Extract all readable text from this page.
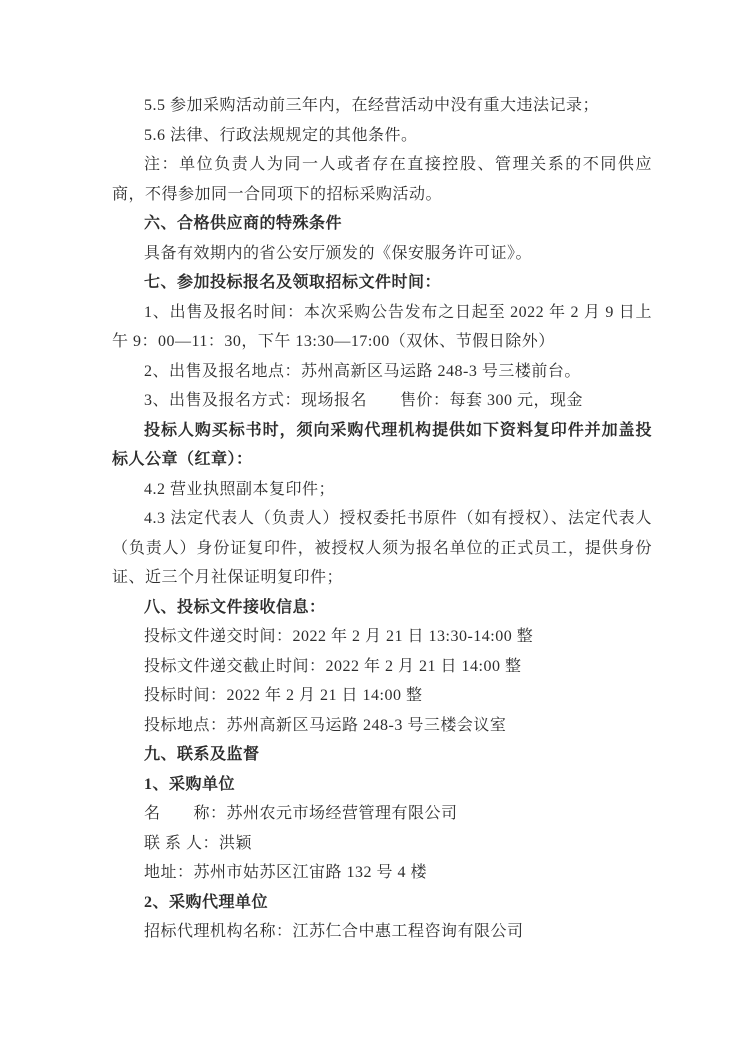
5.5 参加采购活动前三年内，在经营活动中没有重大违法记录；

5.6 法律、行政法规规定的其他条件。

注：单位负责人为同一人或者存在直接控股、管理关系的不同供应商，不得参加同一合同项下的招标采购活动。

六、合格供应商的特殊条件

具备有效期内的省公安厅颁发的《保安服务许可证》。

七、参加投标报名及领取招标文件时间：

1、出售及报名时间：本次采购公告发布之日起至 2022 年 2 月 9 日上午 9：00—11：30，下午 13:30—17:00（双休、节假日除外）

2、出售及报名地点：苏州高新区马运路 248-3 号三楼前台。

3、出售及报名方式：现场报名　　售价：每套 300 元，现金

投标人购买标书时，须向采购代理机构提供如下资料复印件并加盖投标人公章（红章）：

4.2 营业执照副本复印件；

4.3 法定代表人（负责人）授权委托书原件（如有授权）、法定代表人（负责人）身份证复印件，被授权人须为报名单位的正式员工，提供身份证、近三个月社保证明复印件；

八、投标文件接收信息：

投标文件递交时间：2022 年 2 月 21 日 13:30-14:00 整

投标文件递交截止时间：2022 年 2 月 21 日 14:00 整

投标时间：2022 年 2 月 21 日 14:00 整

投标地点：苏州高新区马运路 248-3 号三楼会议室

九、联系及监督

1、采购单位

名　　称：苏州农元市场经营管理有限公司

联 系 人：洪颖

地址：苏州市姑苏区江宙路 132 号 4 楼

2、采购代理单位

招标代理机构名称：江苏仁合中惠工程咨询有限公司
